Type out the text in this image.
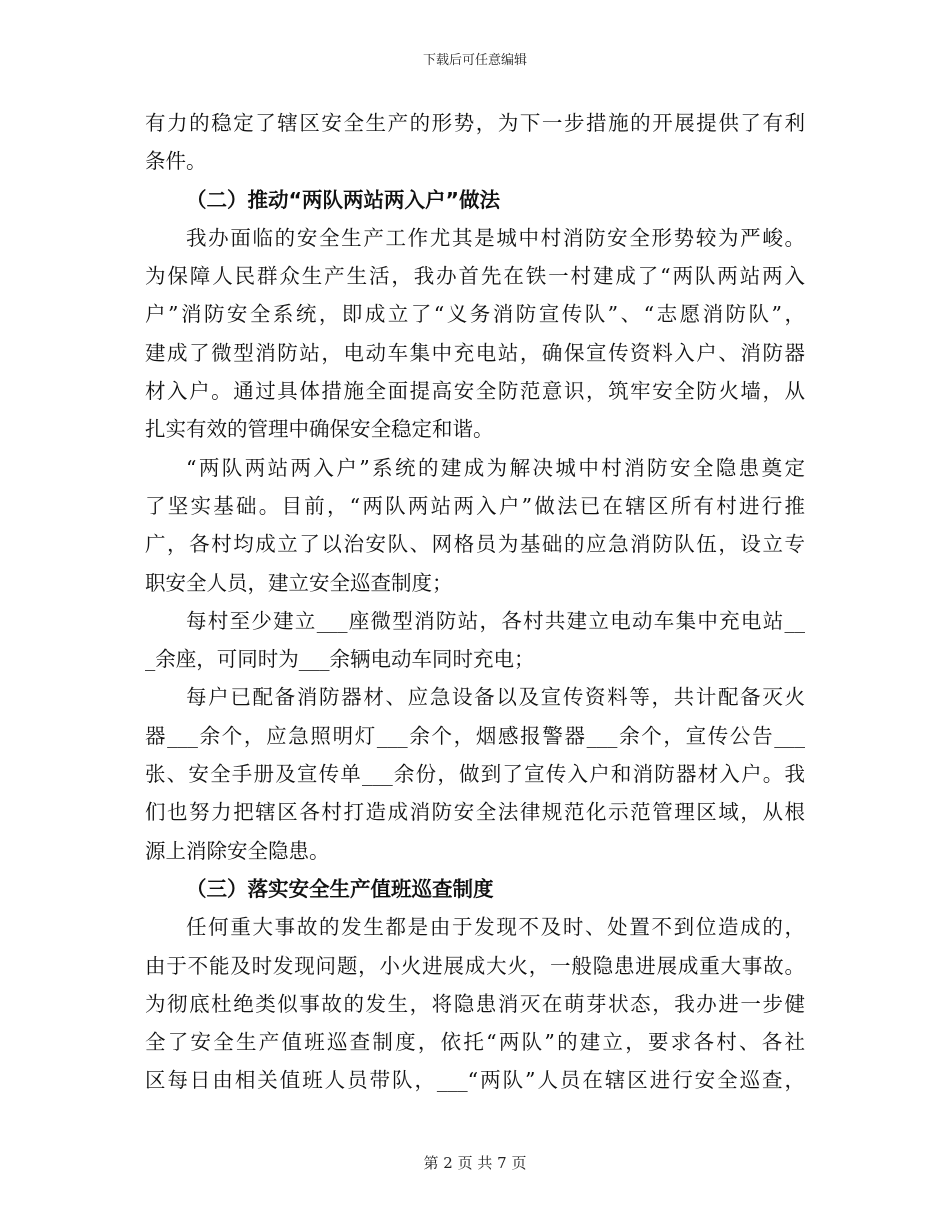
下载后可任意编辑
有力的稳定了辖区安全生产的形势，为下一步措施的开展提供了有利
条件。
（二）推动“两队两站两入户”做法
我办面临的安全生产工作尤其是城中村消防安全形势较为严峻。
为保障人民群众生产生活，我办首先在铁一村建成了“两队两站两入
户”消防安全系统，即成立了“义务消防宣传队”、“志愿消防队”，
建成了微型消防站，电动车集中充电站，确保宣传资料入户、消防器
材入户。通过具体措施全面提高安全防范意识，筑牢安全防火墙，从
扎实有效的管理中确保安全稳定和谐。
“两队两站两入户”系统的建成为解决城中村消防安全隐患奠定
了坚实基础。目前，“两队两站两入户”做法已在辖区所有村进行推
广，各村均成立了以治安队、网格员为基础的应急消防队伍，设立专
职安全人员，建立安全巡查制度；
每村至少建立___座微型消防站，各村共建立电动车集中充电站__
_余座，可同时为___余辆电动车同时充电；
每户已配备消防器材、应急设备以及宣传资料等，共计配备灭火
器___余个，应急照明灯___余个，烟感报警器___余个，宣传公告___
张、安全手册及宣传单___余份，做到了宣传入户和消防器材入户。我
们也努力把辖区各村打造成消防安全法律规范化示范管理区域，从根
源上消除安全隐患。
（三）落实安全生产值班巡查制度
任何重大事故的发生都是由于发现不及时、处置不到位造成的，
由于不能及时发现问题，小火进展成大火，一般隐患进展成重大事故。
为彻底杜绝类似事故的发生，将隐患消灭在萌芽状态，我办进一步健
全了安全生产值班巡查制度，依托“两队”的建立，要求各村、各社
区每日由相关值班人员带队，___“两队”人员在辖区进行安全巡查，
第 2 页 共 7 页
